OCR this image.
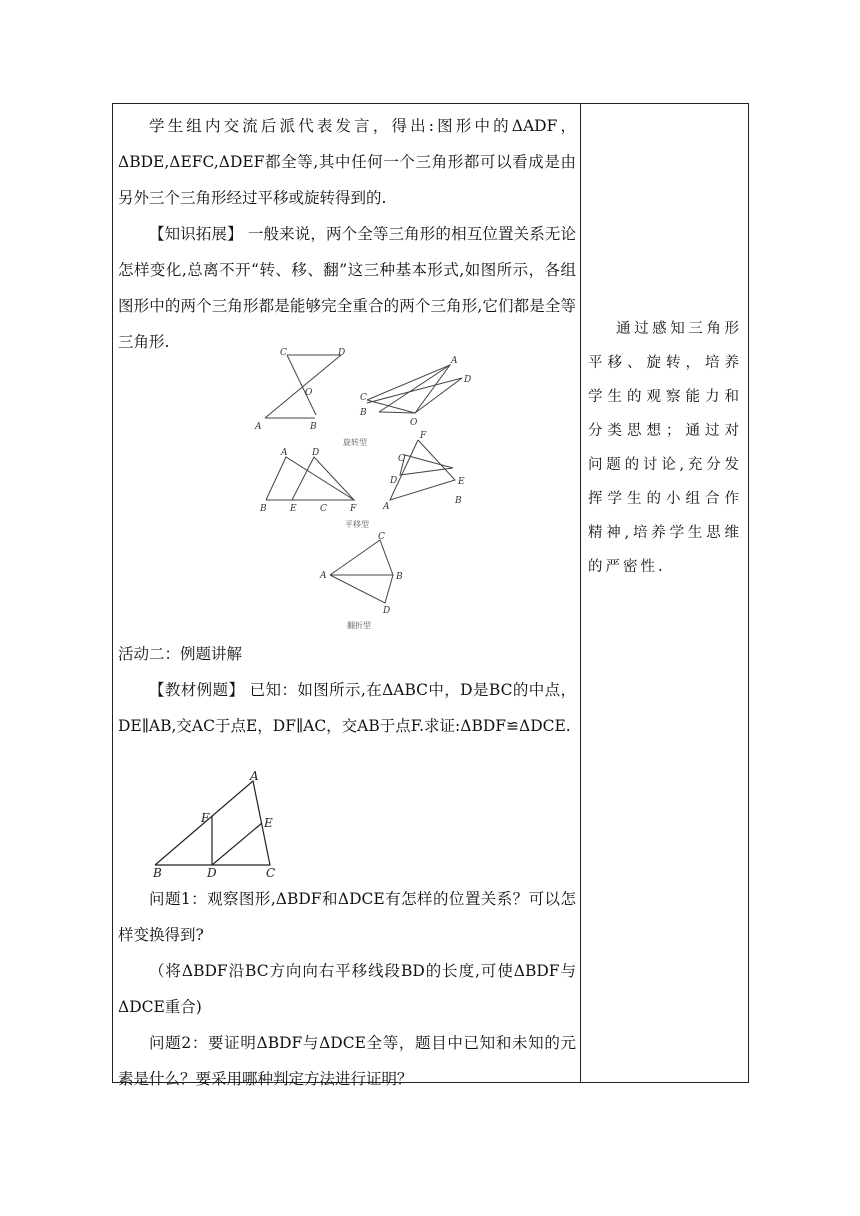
学生组内交流后派代表发言，得出:图形中的ΔADF，ΔBDE,ΔEFC,ΔDEF都全等,其中任何一个三角形都可以看成是由另外三个三角形经过平移或旋转得到的.

【知识拓展】 一般来说，两个全等三角形的相互位置关系无论怎样变化,总离不开“转、移、翻”这三种基本形式,如图所示，各组图形中的两个三角形都是能够完全重合的两个三角形,它们都是全等三角形.

C	D
O
A	B
A
D
C
B
O
A	D
B	E	C	F
F
C
D	E
B
A
C
A	B
D
旋转型
平移型
翻折型

活动二：例题讲解

【教材例题】 已知：如图所示,在ΔABC中，D是BC的中点，DE∥AB,交AC于点E，DF∥AC，交AB于点F.求证:ΔBDF≌ΔDCE.

A
F	E
B	D	C

问题1：观察图形,ΔBDF和ΔDCE有怎样的位置关系？可以怎样变换得到?

（将ΔBDF沿BC方向向右平移线段BD的长度,可使ΔBDF与ΔDCE重合)

问题2：要证明ΔBDF与ΔDCE全等，题目中已知和未知的元素是什么？要采用哪种判定方法进行证明？

通过感知三角形平移、旋转，培养学生的观察能力和分类思想；通过对问题的讨论,充分发挥学生的小组合作精神,培养学生思维的严密性.
